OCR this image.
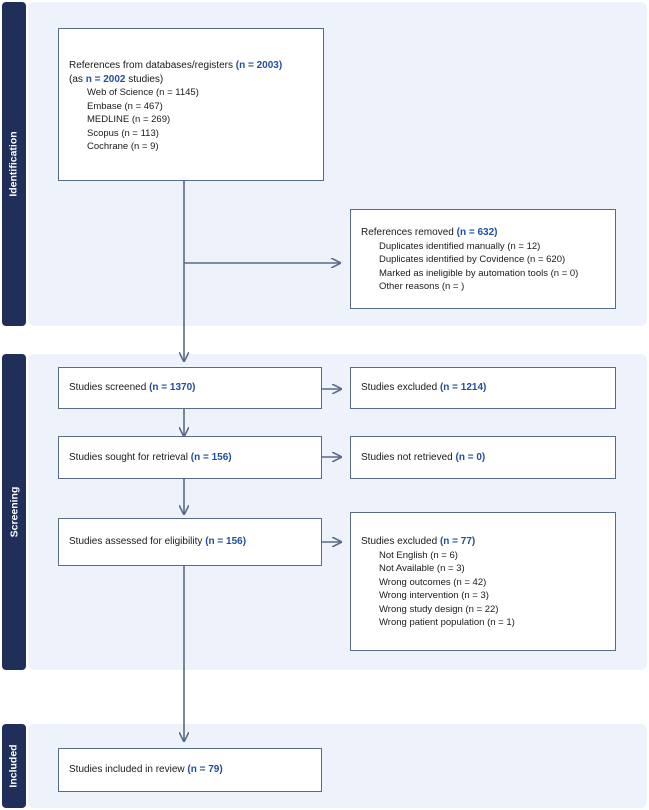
Identification
Screening
Included
References from databases/registers (n = 2003)
(as n = 2002 studies)
Web of Science (n = 1145)
Embase (n = 467)
MEDLINE (n = 269)
Scopus (n = 113)
Cochrane (n = 9)
References removed (n = 632)
Duplicates identified manually (n = 12)
Duplicates identified by Covidence (n = 620)
Marked as ineligible by automation tools (n = 0)
Other reasons (n = )
Studies screened
(n = 1370)	Studies excluded
(n = 1214)
Studies sought for retrieval
(n = 156)	Studies not retrieved
(n = 0)
Studies assessed for eligibility
(n = 156)	Studies excluded (n = 77)
Not English (n = 6)
Not Available (n = 3)
Wrong outcomes (n = 42)
Wrong intervention (n = 3)
Wrong study design (n = 22)
Wrong patient population (n = 1)
Studies included in review
(n = 79)
